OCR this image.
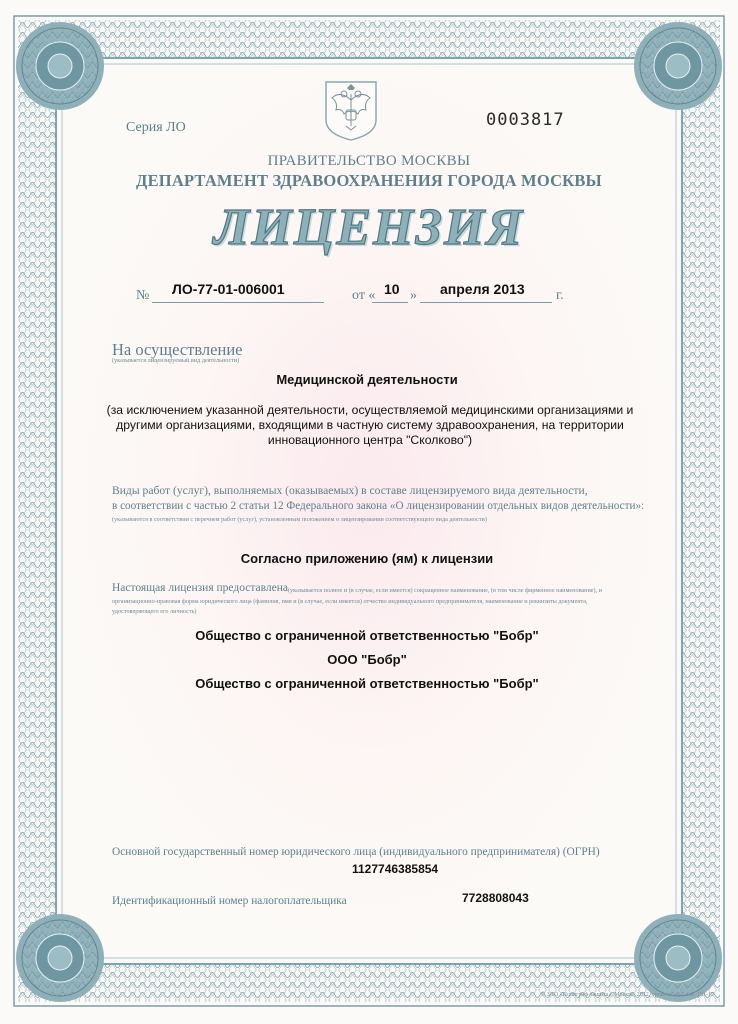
Серия ЛО	0003817
ПРАВИТЕЛЬСТВО МОСКВЫ
ДЕПАРТАМЕНТ ЗДРАВООХРАНЕНИЯ ГОРОДА МОСКВЫ
ЛИЦЕНЗИЯ
№ ЛО-77-01-006001	от « 10 » апреля 2013 г.
На осуществление
(указывается лицензируемый вид деятельности)
Медицинской деятельности
(за исключением указанной деятельности, осуществляемой медицинскими организациями и другими организациями, входящими в частную систему здравоохранения, на территории инновационного центра "Сколково")
Виды работ (услуг), выполняемых (оказываемых) в составе лицензируемого вида деятельности,
в соответствии с частью 2 статьи 12 Федерального закона «О лицензировании отдельных видов деятельности»:
(указываются в соответствии с перечнем работ (услуг), установленным положением о лицензировании соответствующего вида деятельности)
Согласно приложению (ям) к лицензии
Настоящая лицензия предоставлена (указывается полное и (в случае, если имеется) сокращенное наименование, (в том числе фирменное наименование), и организационно-правовая форма юридического лица (фамилия, имя и (в случае, если имеется) отчество индивидуального предпринимателя, наименование и реквизиты документа, удостоверяющего его личность)
Общество с ограниченной ответственностью "Бобр"
ООО "Бобр"
Общество с ограниченной ответственностью "Бобр"
Основной государственный номер юридического лица (индивидуального предпринимателя) (ОГРН)
1127746385854
Идентификационный номер налогоплательщика	7728808043
© ЗАО «Полиграф-защита», Москва, 2012, уровень «Б», зак. 151-12
